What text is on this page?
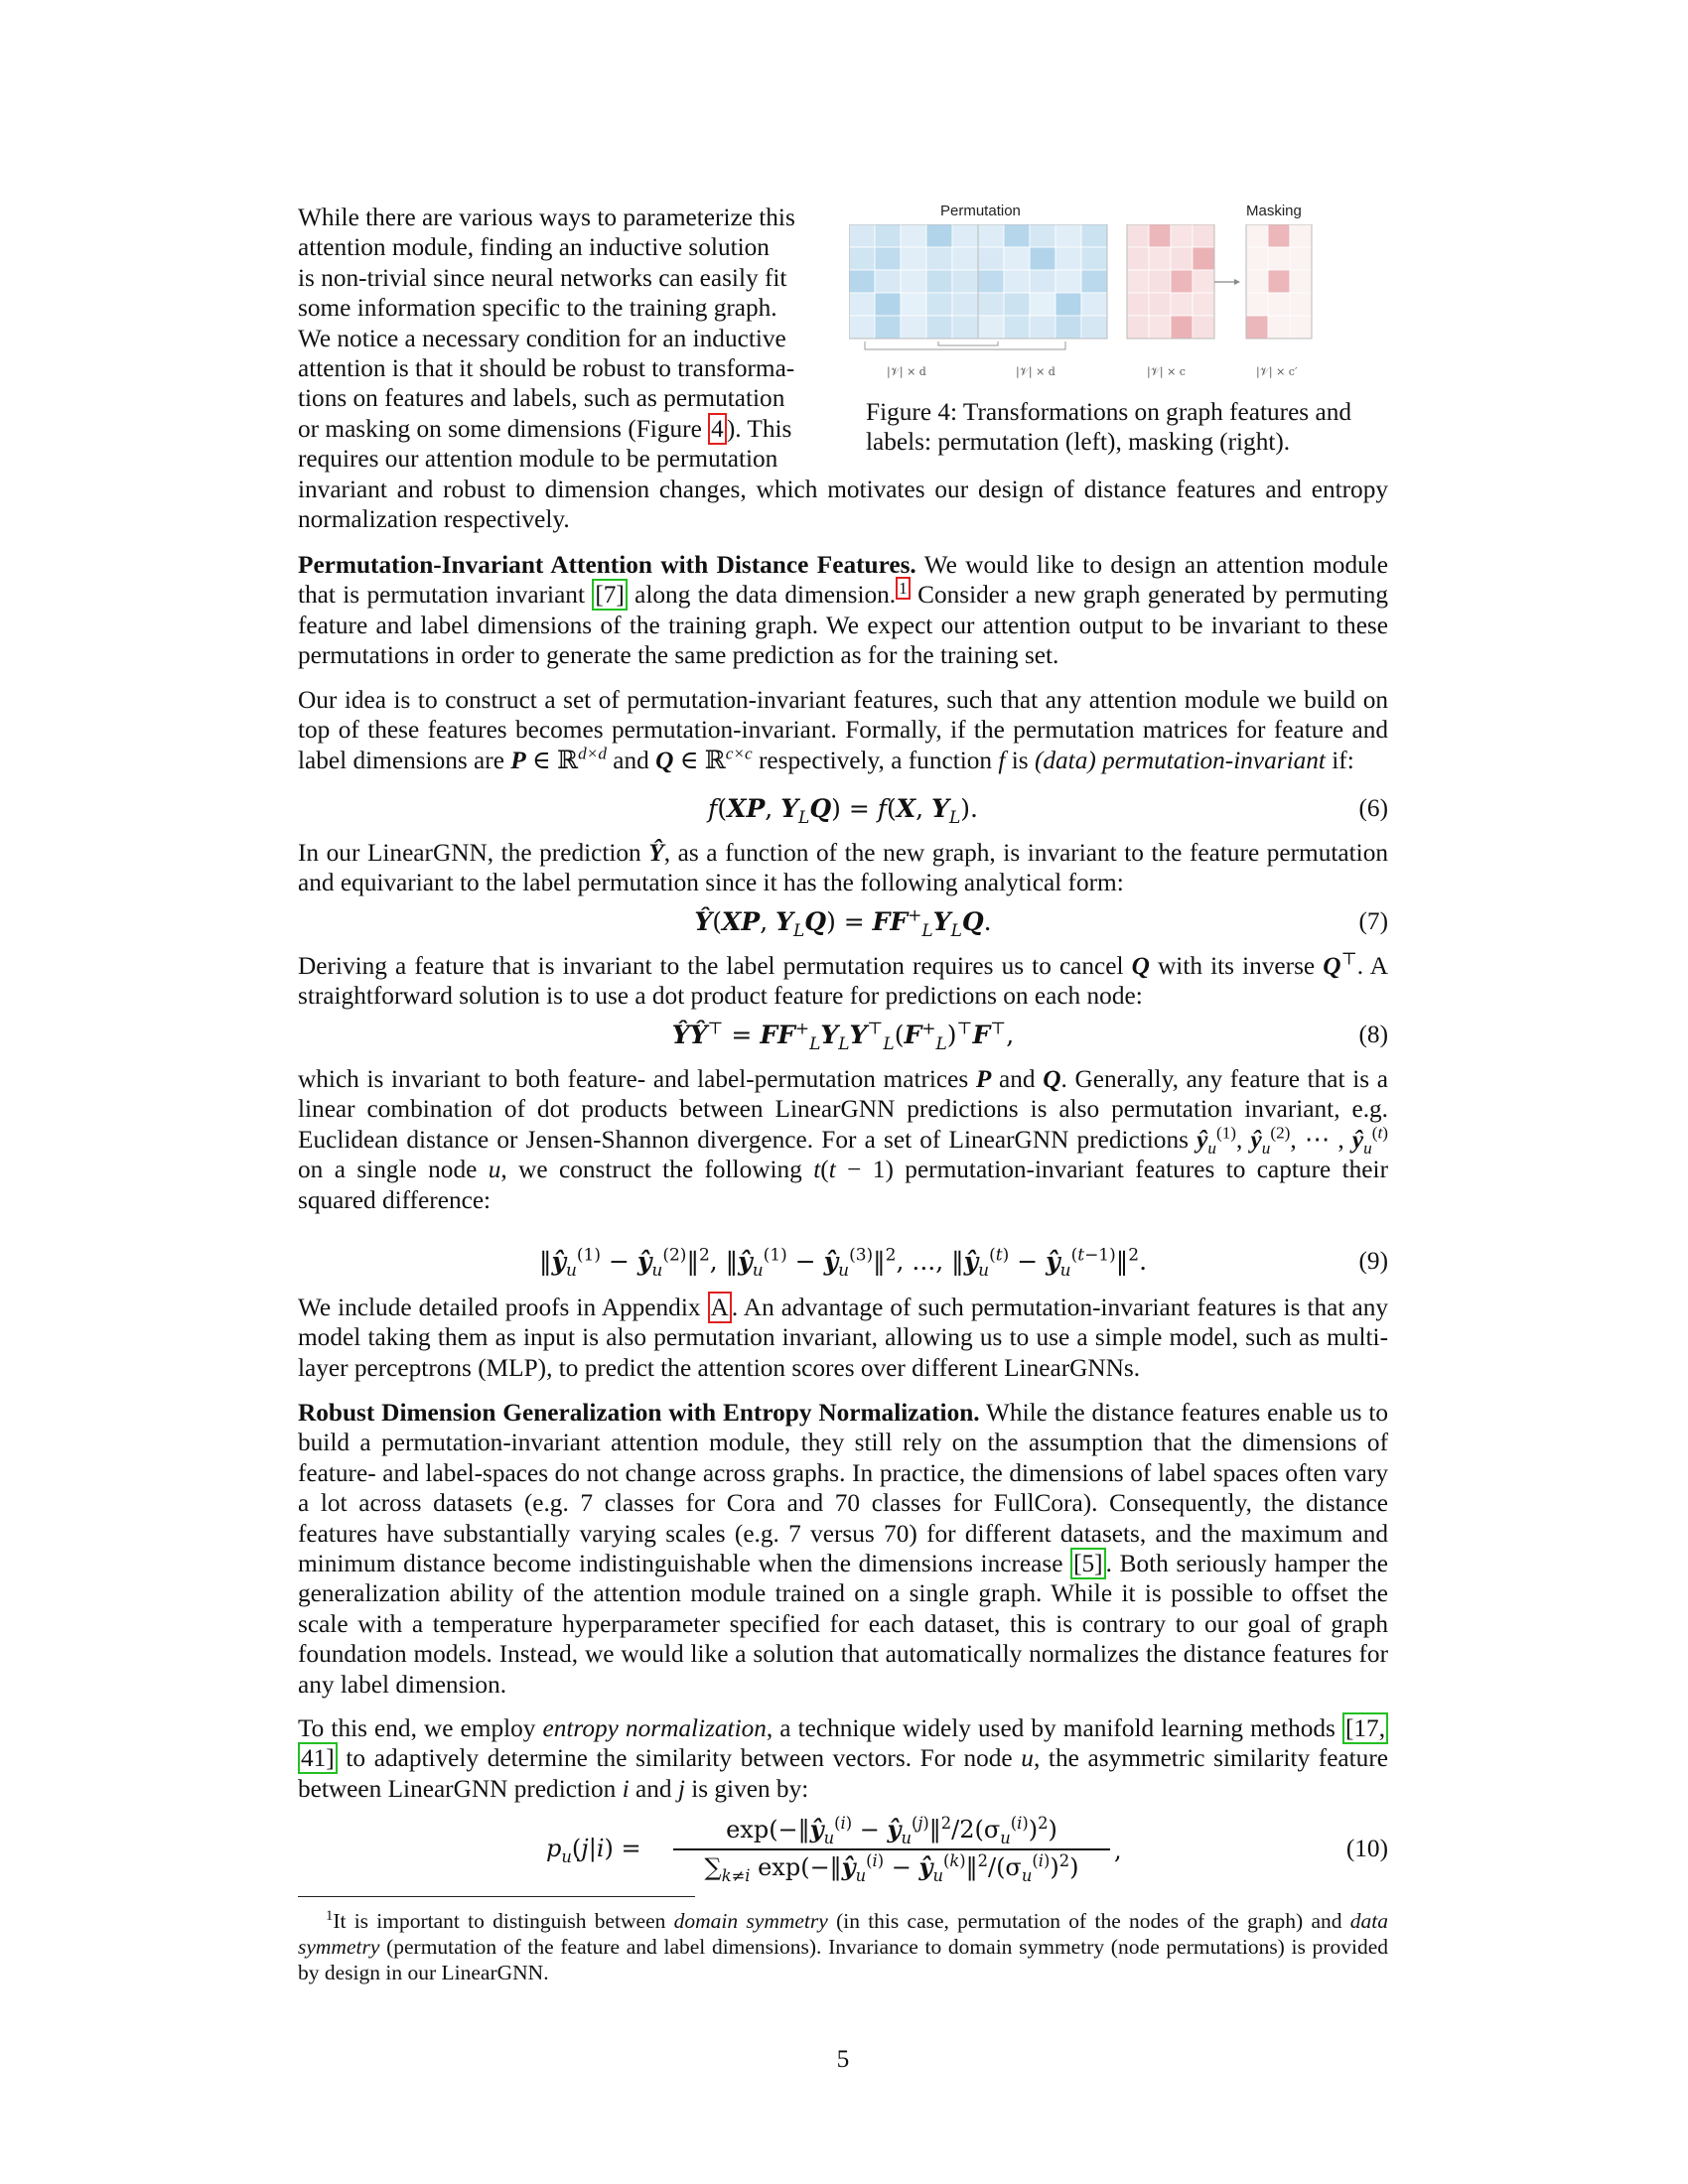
While there are various ways to parameterize this
attention module, finding an inductive solution
is non-trivial since neural networks can easily fit
some information specific to the training graph.
We notice a necessary condition for an inductive
attention is that it should be robust to transforma-
tions on features and labels, such as permutation
or masking on some dimensions (Figure 4 ). This
requires our attention module to be permutation

invariant and robust to dimension changes, which motivates our design of distance features and entropy normalization respectively.

Permutation	Masking
|𝒱| × d	|𝒱| × d	|𝒱| × c	|𝒱| × c′
Figure 4: Transformations on graph features and labels: permutation (left), masking (right).

Permutation-Invariant Attention with Distance Features. We would like to design an attention module that is permutation invariant [7] along the data dimension. $^1$ Consider a new graph generated by permuting feature and label dimensions of the training graph. We expect our attention output to be invariant to these permutations in order to generate the same prediction as for the training set.

Our idea is to construct a set of permutation-invariant features, such that any attention module we build on top of these features becomes permutation-invariant. Formally, if the permutation matrices for feature and label dimensions are P ∈ ℝ$^{d\times d}$ and Q ∈ ℝ$^{c\times c}$ respectively, a function f is (data) permutation-invariant if:

f(XP, $Y_LQ) = f(X$, $Y_L$).	(6)

In our LinearGNN, the prediction Ŷ, as a function of the new graph, is invariant to the feature permutation and equivariant to the label permutation since it has the following analytical form:

Ŷ(XP, $Y_LQ) = FF^+_LY_LQ$.	(7)

Deriving a feature that is invariant to the label permutation requires us to cancel Q with its inverse Q⊤. A straightforward solution is to use a dot product feature for predictions on each node:

ŶŶ⊤ = $FF^+_LY_LY^⊤_L(F^+_L)^⊤F^⊤$,	(8)

which is invariant to both feature- and label-permutation matrices P and Q. Generally, any feature that is a linear combination of dot products between LinearGNN predictions is also permutation invariant, e.g. Euclidean distance or Jensen-Shannon divergence. For a set of LinearGNN predictions $ŷ_u^{(1)}$, $ŷ_u^{(2)}$, ⋯ , $ŷ_u^{(t)}$ on a single node u, we construct the following t(t − 1) permutation-invariant features to capture their squared difference:

$‖ŷ_u^{(1)}$ − $ŷ_u^{(2)}‖^2$, $‖ŷ_u^{(1)}$ − $ŷ_u^{(3)}‖^2$, ..., $‖ŷ_u^{(t)}$ − $ŷ_u^{(t-1)}‖^2$.	(9)

We include detailed proofs in Appendix A . An advantage of such permutation-invariant features is that any model taking them as input is also permutation invariant, allowing us to use a simple model, such as multi-layer perceptrons (MLP), to predict the attention scores over different LinearGNNs.

Robust Dimension Generalization with Entropy Normalization. While the distance features enable us to build a permutation-invariant attention module, they still rely on the assumption that the dimensions of feature- and label-spaces do not change across graphs. In practice, the dimensions of label spaces often vary a lot across datasets (e.g. 7 classes for Cora and 70 classes for FullCora). Consequently, the distance features have substantially varying scales (e.g. 7 versus 70) for different datasets, and the maximum and minimum distance become indistinguishable when the dimensions increase [5] . Both seriously hamper the generalization ability of the attention module trained on a single graph. While it is possible to offset the scale with a temperature hyperparameter specified for each dataset, this is contrary to our goal of graph foundation models. Instead, we would like a solution that automatically normalizes the distance features for any label dimension.

To this end, we employ entropy normalization, a technique widely used by manifold learning methods [17, 41] to adaptively determine the similarity between vectors. For node u, the asymmetric similarity feature between LinearGNN prediction i and j is given by:

$p_u(j|i)$ =
$\exp(-‖ŷ_u^{(i)}$ − $ŷ_u^{(j)}‖^2/2(\sigma_u^{(i)})^2$)
$\sum_{k\ne i}$ $\exp(-‖ŷ_u^{(i)}$ − $ŷ_u^{(k)}‖^2/(\sigma_u^{(i)})^2$)
,	(10)

$^1$It is important to distinguish between domain symmetry (in this case, permutation of the nodes of the graph) and data symmetry (permutation of the feature and label dimensions). Invariance to domain symmetry (node permutations) is provided by design in our LinearGNN.

5
